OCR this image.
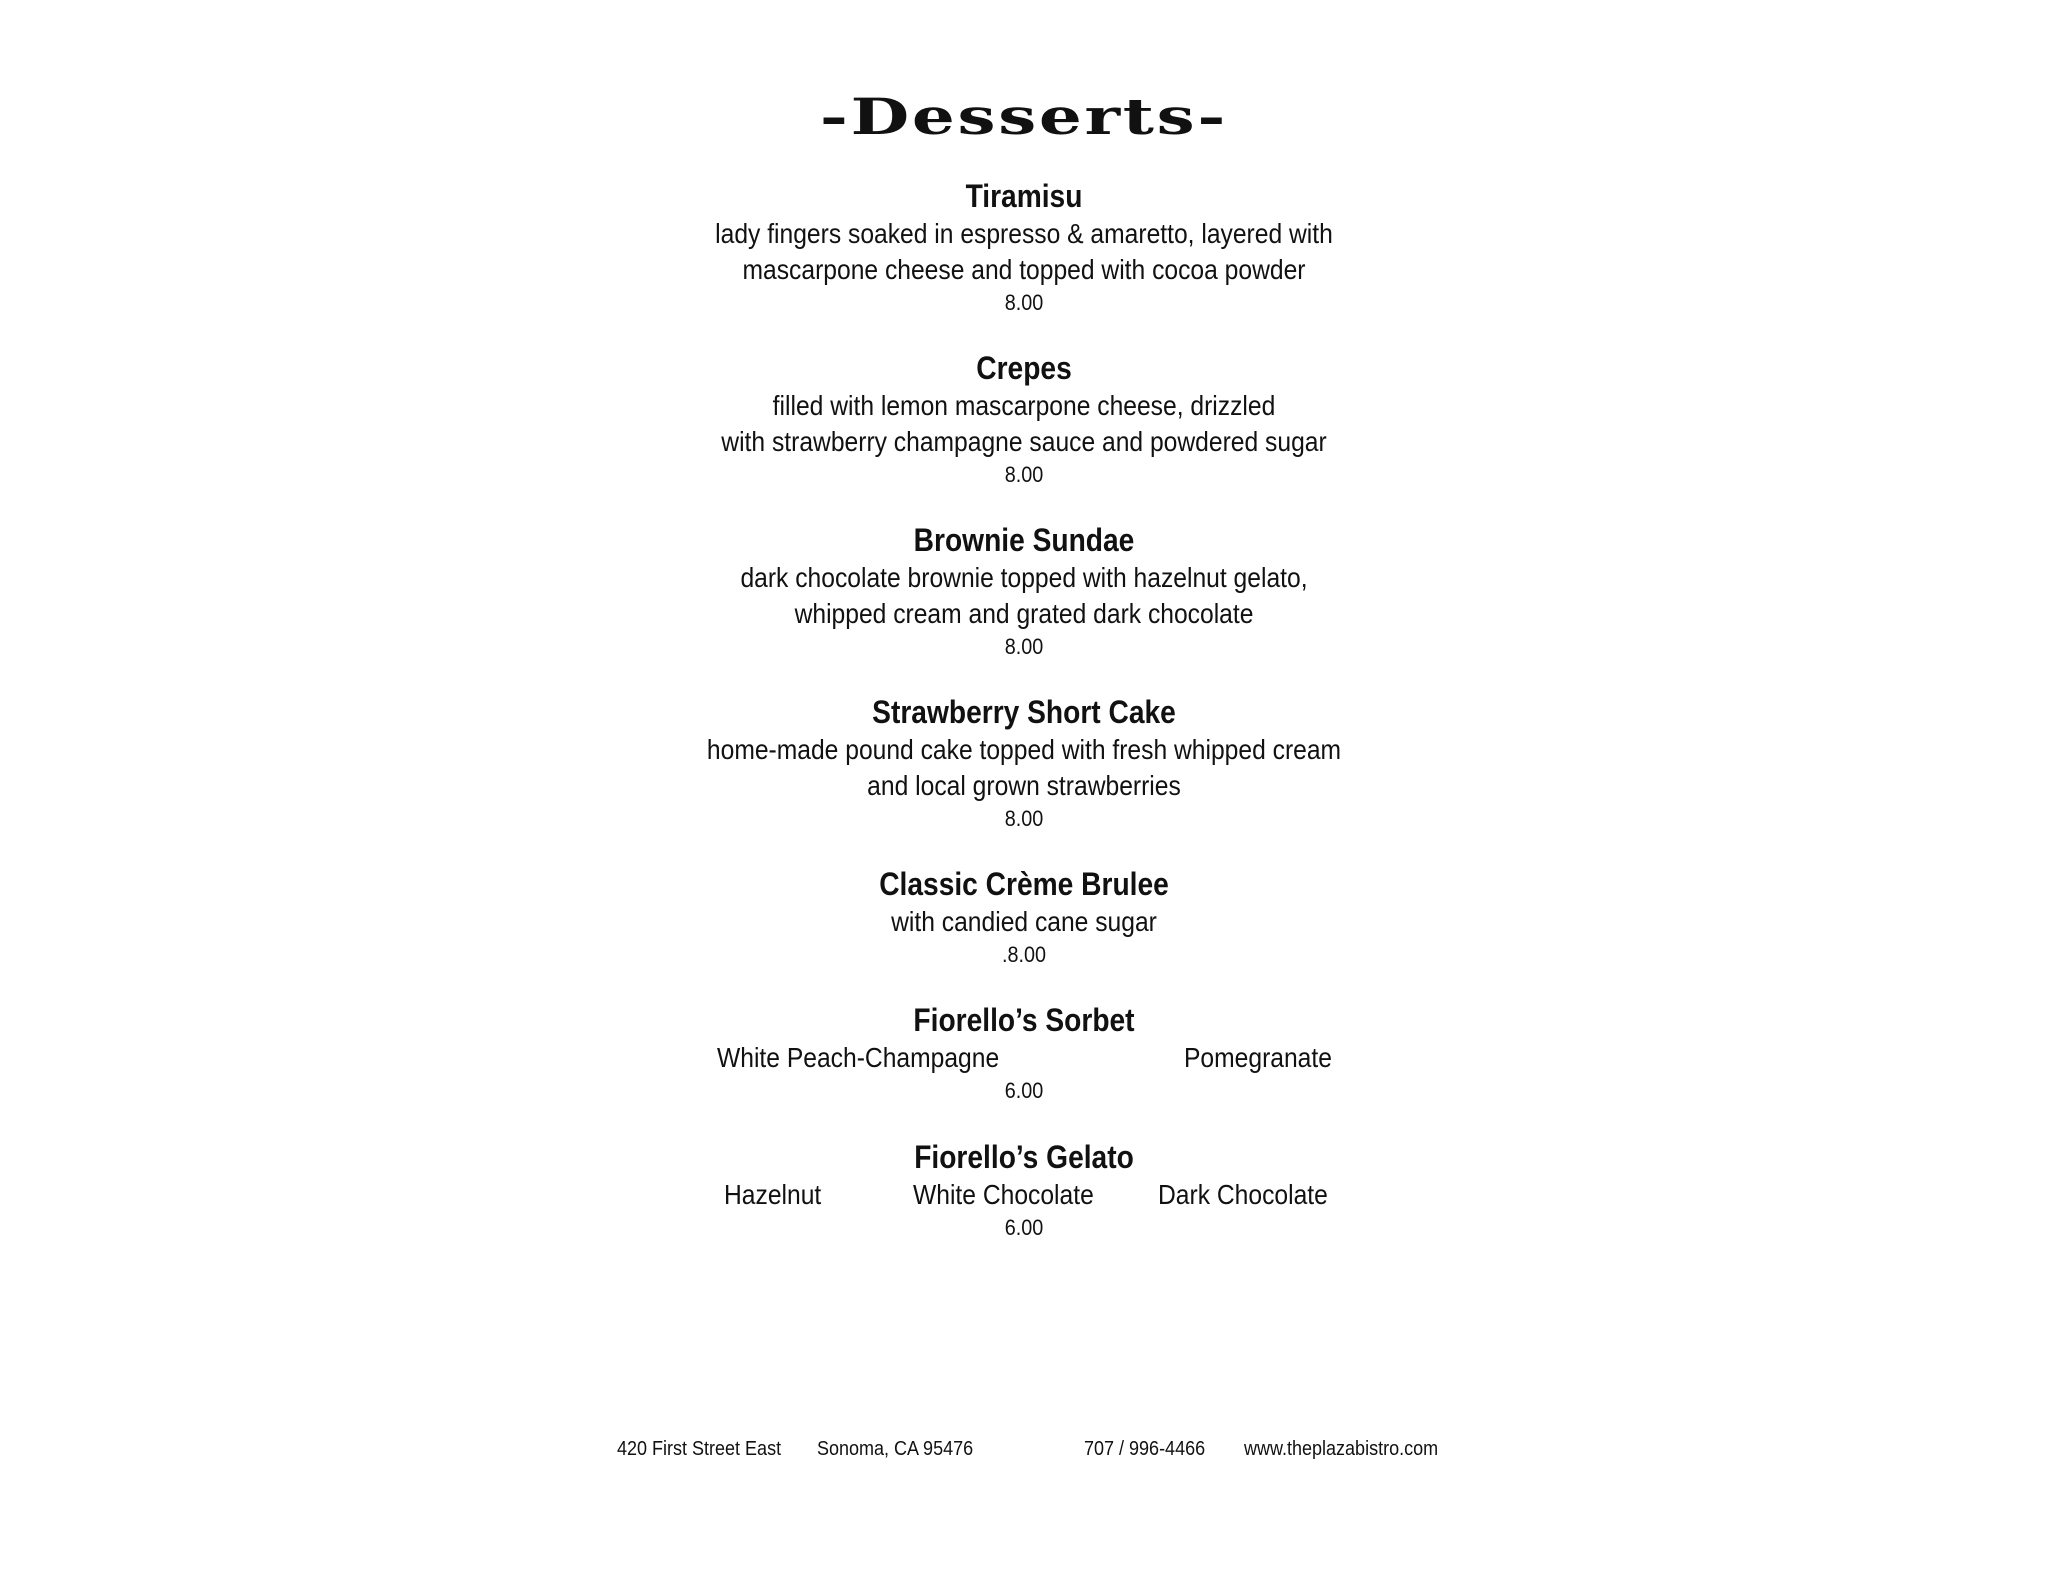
-Desserts-
Tiramisu
lady fingers soaked in espresso & amaretto, layered with
mascarpone cheese and topped with cocoa powder
8.00
Crepes
filled with lemon mascarpone cheese, drizzled
with strawberry champagne sauce and powdered sugar
8.00
Brownie Sundae
dark chocolate brownie topped with hazelnut gelato,
whipped cream and grated dark chocolate
8.00
Strawberry Short Cake
home-made pound cake topped with fresh whipped cream
and local grown strawberries
8.00
Classic Crème Brulee
with candied cane sugar
.8.00
Fiorello’s Sorbet
White Peach-Champagne	Pomegranate
6.00
Fiorello’s Gelato
Hazelnut	White Chocolate Dark Chocolate
6.00
420 First Street East Sonoma, CA 95476	707 / 996-4466 www.theplazabistro.com
